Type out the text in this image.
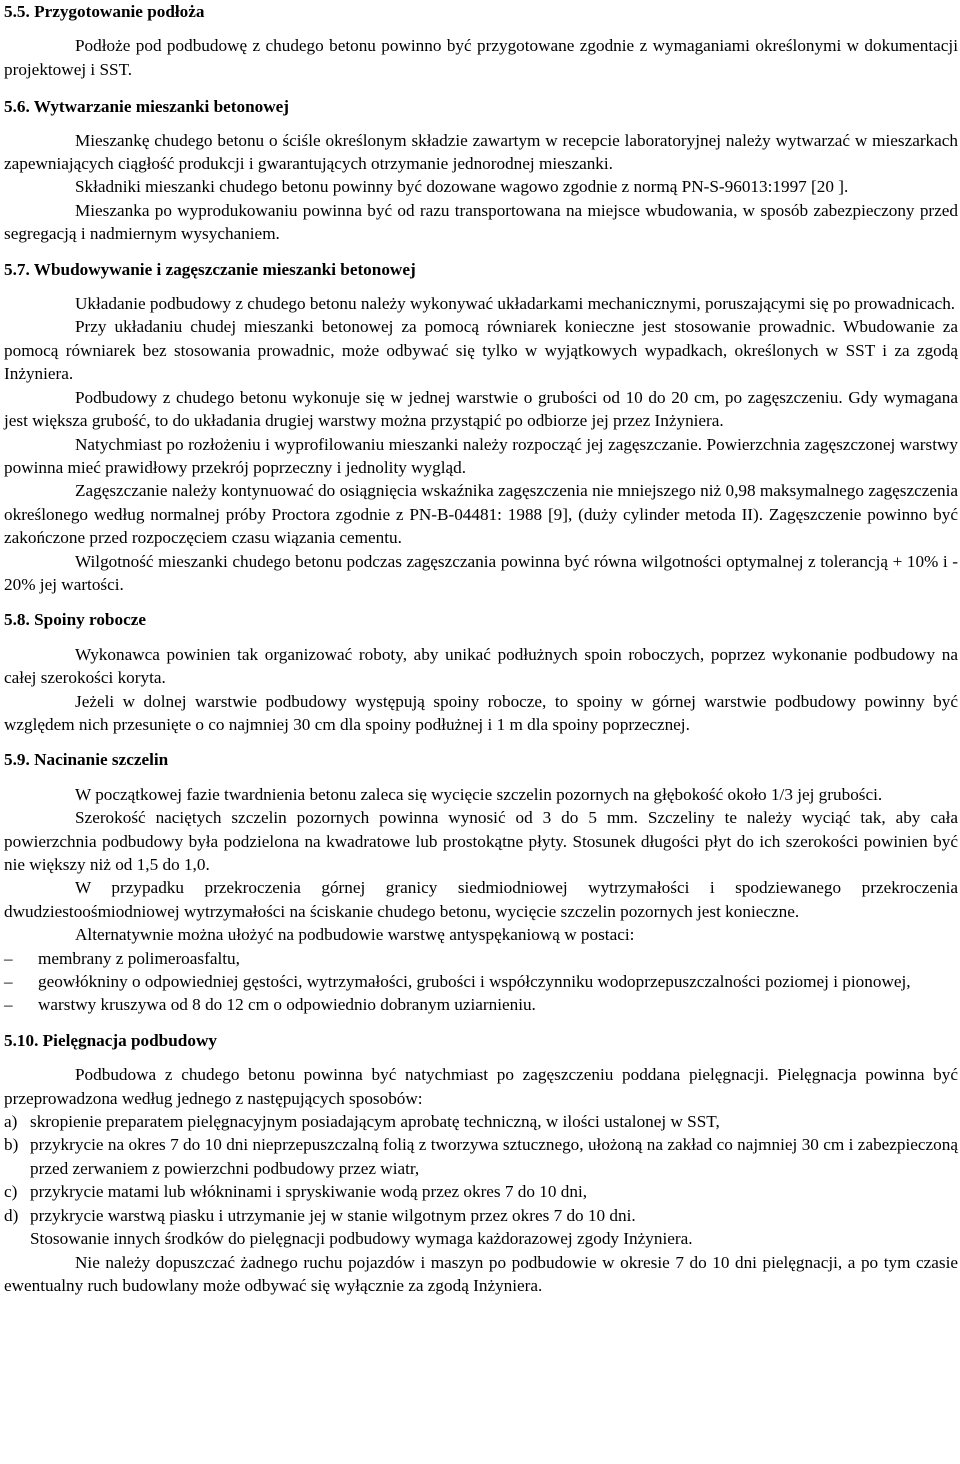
5.5. Przygotowanie podłoża

Podłoże pod podbudowę z chudego betonu powinno być przygotowane zgodnie z wymaganiami określonymi w dokumentacji projektowej i SST.

5.6. Wytwarzanie mieszanki betonowej

Mieszankę chudego betonu o ściśle określonym składzie zawartym w recepcie laboratoryjnej należy wytwarzać w mieszarkach zapewniających ciągłość produkcji i gwarantujących otrzymanie jednorodnej mieszanki.

Składniki mieszanki chudego betonu powinny być dozowane wagowo zgodnie z normą PN-S-96013:1997 [20 ].

Mieszanka po wyprodukowaniu powinna być od razu transportowana na miejsce wbudowania, w sposób zabezpieczony przed segregacją i nadmiernym wysychaniem.

5.7. Wbudowywanie i zagęszczanie mieszanki betonowej

Układanie podbudowy z chudego betonu należy wykonywać układarkami mechanicznymi, poruszającymi się po prowadnicach.

Przy układaniu chudej mieszanki betonowej za pomocą równiarek konieczne jest stosowanie prowadnic. Wbudowanie za pomocą równiarek bez stosowania prowadnic, może odbywać się tylko w wyjątkowych wypadkach, określonych w SST i za zgodą Inżyniera.

Podbudowy z chudego betonu wykonuje się w jednej warstwie o grubości od 10 do 20 cm, po zagęszczeniu. Gdy wymagana jest większa grubość, to do układania drugiej warstwy można przystąpić po odbiorze jej przez Inżyniera.

Natychmiast po rozłożeniu i wyprofilowaniu mieszanki należy rozpocząć jej zagęszczanie. Powierzchnia zagęszczonej warstwy powinna mieć prawidłowy przekrój poprzeczny i jednolity wygląd.

Zagęszczanie należy kontynuować do osiągnięcia wskaźnika zagęszczenia nie mniejszego niż 0,98 maksymalnego zagęszczenia określonego według normalnej próby Proctora zgodnie z PN-B-04481: 1988 [9], (duży cylinder metoda II). Zagęszczenie powinno być zakończone przed rozpoczęciem czasu wiązania cementu.

Wilgotność mieszanki chudego betonu podczas zagęszczania powinna być równa wilgotności optymalnej z tolerancją + 10% i - 20% jej wartości.

5.8. Spoiny robocze

Wykonawca powinien tak organizować roboty, aby unikać podłużnych spoin roboczych, poprzez wykonanie podbudowy na całej szerokości koryta.

Jeżeli w dolnej warstwie podbudowy występują spoiny robocze, to spoiny w górnej warstwie podbudowy powinny być względem nich przesunięte o co najmniej 30 cm dla spoiny podłużnej i 1 m dla spoiny poprzecznej.

5.9. Nacinanie szczelin

W początkowej fazie twardnienia betonu zaleca się wycięcie szczelin pozornych na głębokość około 1/3 jej grubości.

Szerokość naciętych szczelin pozornych powinna wynosić od 3 do 5 mm. Szczeliny te należy wyciąć tak, aby cała powierzchnia podbudowy była podzielona na kwadratowe lub prostokątne płyty. Stosunek długości płyt do ich szerokości powinien być nie większy niż od 1,5 do 1,0.

W przypadku przekroczenia górnej granicy siedmiodniowej wytrzymałości i spodziewanego przekroczenia dwudziestoośmiodniowej wytrzymałości na ściskanie chudego betonu, wycięcie szczelin pozornych jest konieczne.

Alternatywnie można ułożyć na podbudowie warstwę antyspękaniową w postaci:

–	membrany z polimeroasfaltu,
–	geowłókniny o odpowiedniej gęstości, wytrzymałości, grubości i współczynniku wodoprzepuszczalności poziomej i pionowej,
–	warstwy kruszywa od 8 do 12 cm o odpowiednio dobranym uziarnieniu.

5.10. Pielęgnacja podbudowy

Podbudowa z chudego betonu powinna być natychmiast po zagęszczeniu poddana pielęgnacji. Pielęgnacja powinna być przeprowadzona według jednego z następujących sposobów:

a) skropienie preparatem pielęgnacyjnym posiadającym aprobatę techniczną, w ilości ustalonej w SST,
b) przykrycie na okres 7 do 10 dni nieprzepuszczalną folią z tworzywa sztucznego, ułożoną na zakład co najmniej 30 cm i zabezpieczoną przed zerwaniem z powierzchni podbudowy przez wiatr,
c) przykrycie matami lub włókninami i spryskiwanie wodą przez okres 7 do 10 dni,
d) przykrycie warstwą piasku i utrzymanie jej w stanie wilgotnym przez okres 7 do 10 dni.

Stosowanie innych środków do pielęgnacji podbudowy wymaga każdorazowej zgody Inżyniera.

Nie należy dopuszczać żadnego ruchu pojazdów i maszyn po podbudowie w okresie 7 do 10 dni pielęgnacji, a po tym czasie ewentualny ruch budowlany może odbywać się wyłącznie za zgodą Inżyniera.
